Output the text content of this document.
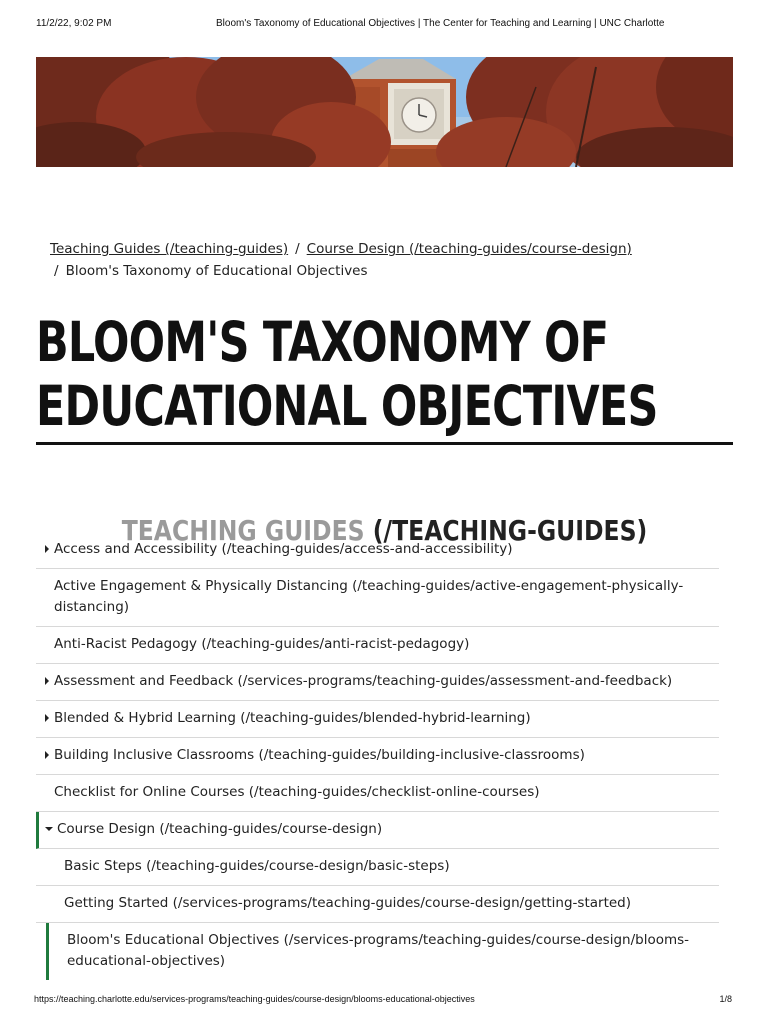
11/2/22, 9:02 PM	Bloom's Taxonomy of Educational Objectives | The Center for Teaching and Learning | UNC Charlotte
Teaching Guides (/teaching-guides) / Course Design (/teaching-guides/course-design)
/ Bloom's Taxonomy of Educational Objectives
BLOOM'S TAXONOMY OF
EDUCATIONAL OBJECTIVES
TEACHING GUIDES (/TEACHING-GUIDES)
Access and Accessibility (/teaching-guides/access-and-accessibility)
Active Engagement & Physically Distancing (/teaching-guides/active-engagement-physically-distancing)
Anti-Racist Pedagogy (/teaching-guides/anti-racist-pedagogy)
Assessment and Feedback (/services-programs/teaching-guides/assessment-and-feedback)
Blended & Hybrid Learning (/teaching-guides/blended-hybrid-learning)
Building Inclusive Classrooms (/teaching-guides/building-inclusive-classrooms)
Checklist for Online Courses (/teaching-guides/checklist-online-courses)
Course Design (/teaching-guides/course-design)
Basic Steps (/teaching-guides/course-design/basic-steps)
Getting Started (/services-programs/teaching-guides/course-design/getting-started)
Bloom's Educational Objectives (/services-programs/teaching-guides/course-design/blooms-educational-objectives)
https://teaching.charlotte.edu/services-programs/teaching-guides/course-design/blooms-educational-objectives	1/8
